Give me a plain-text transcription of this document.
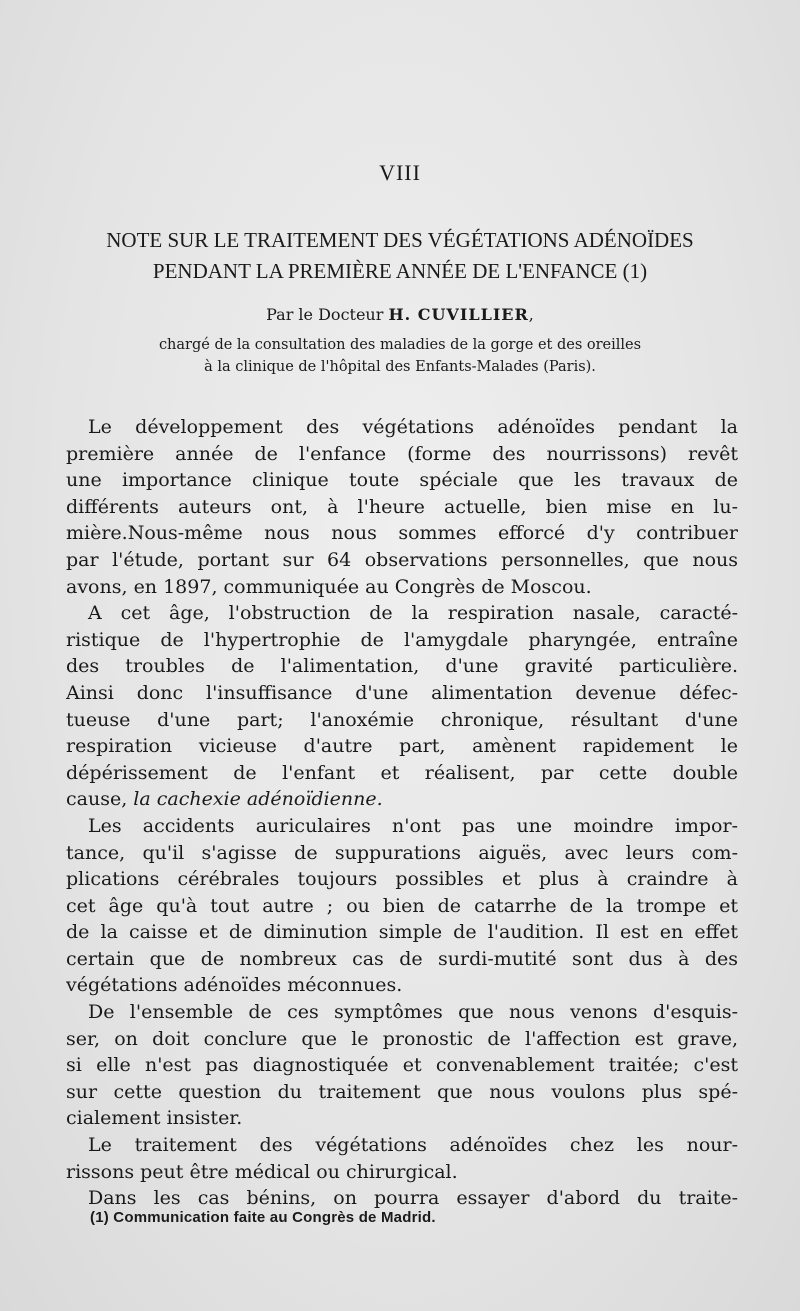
VIII
NOTE SUR LE TRAITEMENT DES VÉGÉTATIONS ADÉNOÏDES
PENDANT LA PREMIÈRE ANNÉE DE L'ENFANCE (1)
Par le Docteur H. CUVILLIER,
chargé de la consultation des maladies de la gorge et des oreilles
à la clinique de l'hôpital des Enfants-Malades (Paris).
Le développement des végétations adénoïdes pendant la
première année de l'enfance (forme des nourrissons) revêt
une importance clinique toute spéciale que les travaux de
différents auteurs ont, à l'heure actuelle, bien mise en lu-
mière.Nous-même nous nous sommes efforcé d'y contribuer
par l'étude, portant sur 64 observations personnelles, que nous
avons, en 1897, communiquée au Congrès de Moscou.
A cet âge, l'obstruction de la respiration nasale, caracté-
ristique de l'hypertrophie de l'amygdale pharyngée, entraîne
des troubles de l'alimentation, d'une gravité particulière.
Ainsi donc l'insuffisance d'une alimentation devenue défec-
tueuse d'une part; l'anoxémie chronique, résultant d'une
respiration vicieuse d'autre part, amènent rapidement le
dépérissement de l'enfant et réalisent, par cette double
cause, la cachexie adénoïdienne.
Les accidents auriculaires n'ont pas une moindre impor-
tance, qu'il s'agisse de suppurations aiguës, avec leurs com-
plications cérébrales toujours possibles et plus à craindre à
cet âge qu'à tout autre ; ou bien de catarrhe de la trompe et
de la caisse et de diminution simple de l'audition. Il est en effet
certain que de nombreux cas de surdi-mutité sont dus à des
végétations adénoïdes méconnues.
De l'ensemble de ces symptômes que nous venons d'esquis-
ser, on doit conclure que le pronostic de l'affection est grave,
si elle n'est pas diagnostiquée et convenablement traitée; c'est
sur cette question du traitement que nous voulons plus spé-
cialement insister.
Le traitement des végétations adénoïdes chez les nour-
rissons peut être médical ou chirurgical.
Dans les cas bénins, on pourra essayer d'abord du traite-
(1) Communication faite au Congrès de Madrid.
